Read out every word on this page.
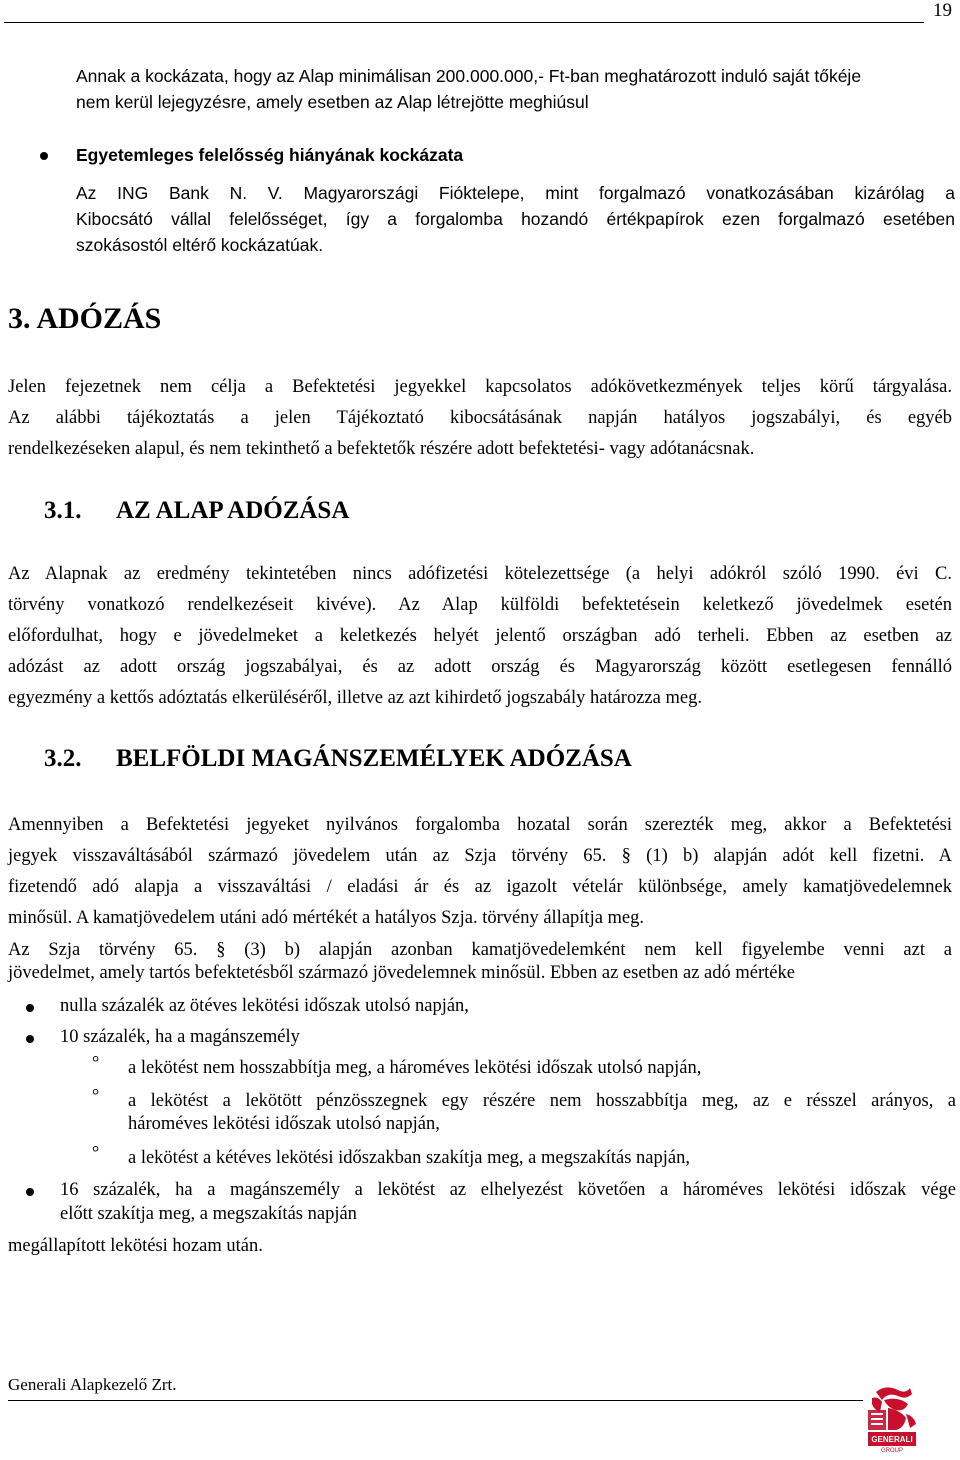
19
Annak a kockázata, hogy az Alap minimálisan 200.000.000,- Ft-ban meghatározott induló saját tőkéje
nem kerül lejegyzésre, amely esetben az Alap létrejötte meghiúsul
Egyetemleges felelősség hiányának kockázata
Az ING Bank N. V. Magyarországi Fióktelepe, mint forgalmazó vonatkozásában kizárólag a
Kibocsátó vállal felelősséget, így a forgalomba hozandó értékpapírok ezen forgalmazó esetében
szokásostól eltérő kockázatúak.
3. ADÓZÁS
Jelen fejezetnek nem célja a Befektetési jegyekkel kapcsolatos adókövetkezmények teljes körű tárgyalása.
Az alábbi tájékoztatás a jelen Tájékoztató kibocsátásának napján hatályos jogszabályi, és egyéb
rendelkezéseken alapul, és nem tekinthető a befektetők részére adott befektetési- vagy adótanácsnak.
3.1. AZ ALAP ADÓZÁSA
Az Alapnak az eredmény tekintetében nincs adófizetési kötelezettsége (a helyi adókról szóló 1990. évi C.
törvény vonatkozó rendelkezéseit kivéve). Az Alap külföldi befektetésein keletkező jövedelmek esetén
előfordulhat, hogy e jövedelmeket a keletkezés helyét jelentő országban adó terheli. Ebben az esetben az
adózást az adott ország jogszabályai, és az adott ország és Magyarország között esetlegesen fennálló
egyezmény a kettős adóztatás elkerüléséről, illetve az azt kihirdető jogszabály határozza meg.
3.2. BELFÖLDI MAGÁNSZEMÉLYEK ADÓZÁSA
Amennyiben a Befektetési jegyeket nyilvános forgalomba hozatal során szerezték meg, akkor a Befektetési
jegyek visszaváltásából származó jövedelem után az Szja törvény 65. § (1) b) alapján adót kell fizetni. A
fizetendő adó alapja a visszaváltási / eladási ár és az igazolt vételár különbsége, amely kamatjövedelemnek
minősül. A kamatjövedelem utáni adó mértékét a hatályos Szja. törvény állapítja meg.
Az Szja törvény 65. § (3) b) alapján azonban kamatjövedelemként nem kell figyelembe venni azt a
jövedelmet, amely tartós befektetésből származó jövedelemnek minősül. Ebben az esetben az adó mértéke
nulla százalék az ötéves lekötési időszak utolsó napján,
10 százalék, ha a magánszemély
° a lekötést nem hosszabbítja meg, a hároméves lekötési időszak utolsó napján,
° a lekötést a lekötött pénzösszegnek egy részére nem hosszabbítja meg, az e résszel arányos, a
hároméves lekötési időszak utolsó napján,
° a lekötést a kétéves lekötési időszakban szakítja meg, a megszakítás napján,
16 százalék, ha a magánszemély a lekötést az elhelyezést követően a hároméves lekötési időszak vége
előtt szakítja meg, a megszakítás napján
megállapított lekötési hozam után.
Generali Alapkezelő Zrt.
GENERALI
GROUP
